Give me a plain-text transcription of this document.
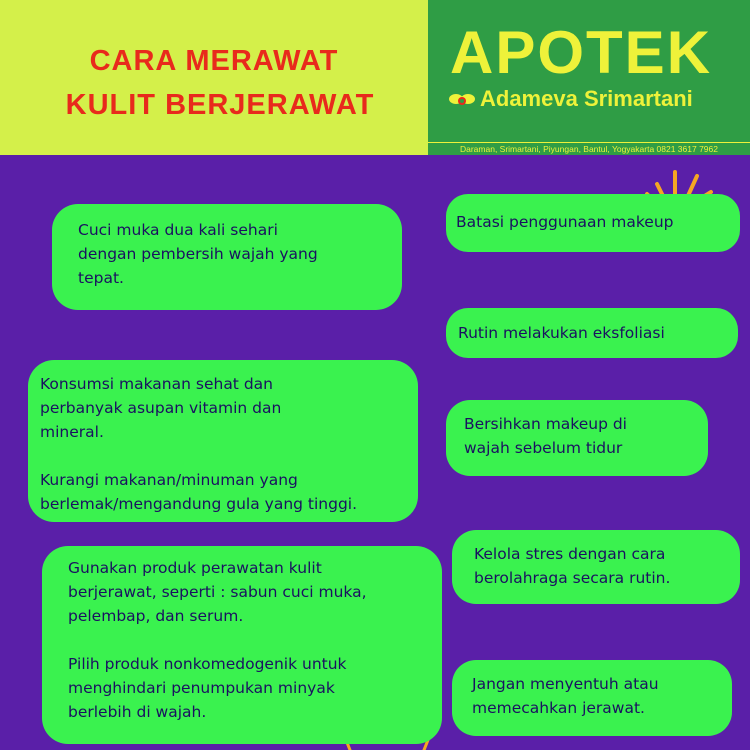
CARA MERAWAT
KULIT BERJERAWAT
APOTEK
Adameva Srimartani
Daraman, Srimartani, Piyungan, Bantul, Yogyakarta 0821 3617 7962

Cuci muka dua kali sehari
dengan pembersih wajah yang
tepat.

Konsumsi makanan sehat dan
perbanyak asupan vitamin dan
mineral.

Kurangi makanan/minuman yang
berlemak/mengandung gula yang tinggi.

Gunakan produk perawatan kulit
berjerawat, seperti : sabun cuci muka,
pelembap, dan serum.

Pilih produk nonkomedogenik untuk
menghindari penumpukan minyak
berlebih di wajah.

Batasi penggunaan makeup

Rutin melakukan eksfoliasi

Bersihkan makeup di
wajah sebelum tidur

Kelola stres dengan cara
berolahraga secara rutin.

Jangan menyentuh atau
memecahkan jerawat.
